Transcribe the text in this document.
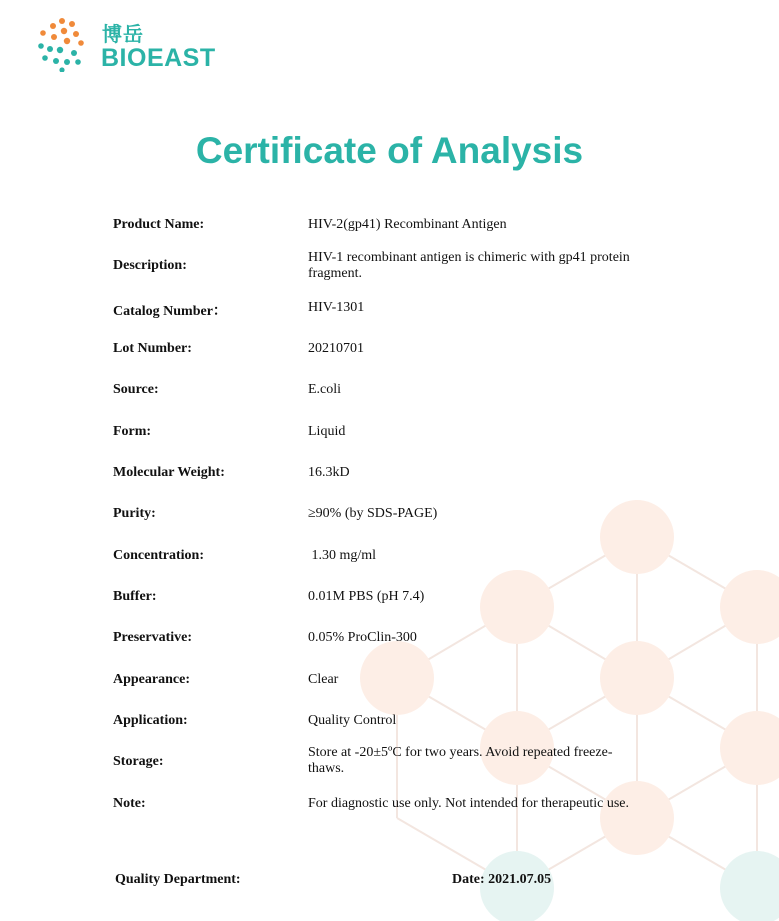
博岳
BIOEAST
Certificate of Analysis
Product Name:	HIV-2(gp41) Recombinant Antigen
Description:
HIV-1 recombinant antigen is chimeric with gp41 protein fragment.
Catalog Number：	HIV-1301
Lot Number:	20210701
Source:	E.coli
Form:	Liquid
Molecular Weight:	16.3kD
Purity:	≥90% (by SDS-PAGE)
Concentration:	1.30 mg/ml
Buffer:	0.01M PBS (pH 7.4)
Preservative:	0.05% ProClin-300
Appearance:	Clear
Application:	Quality Control
Storage:
Store at -20±5ºC for two years. Avoid repeated freeze-thaws.
Note:	For diagnostic use only. Not intended for therapeutic use.
Quality Department:	Date: 2021.07.05
